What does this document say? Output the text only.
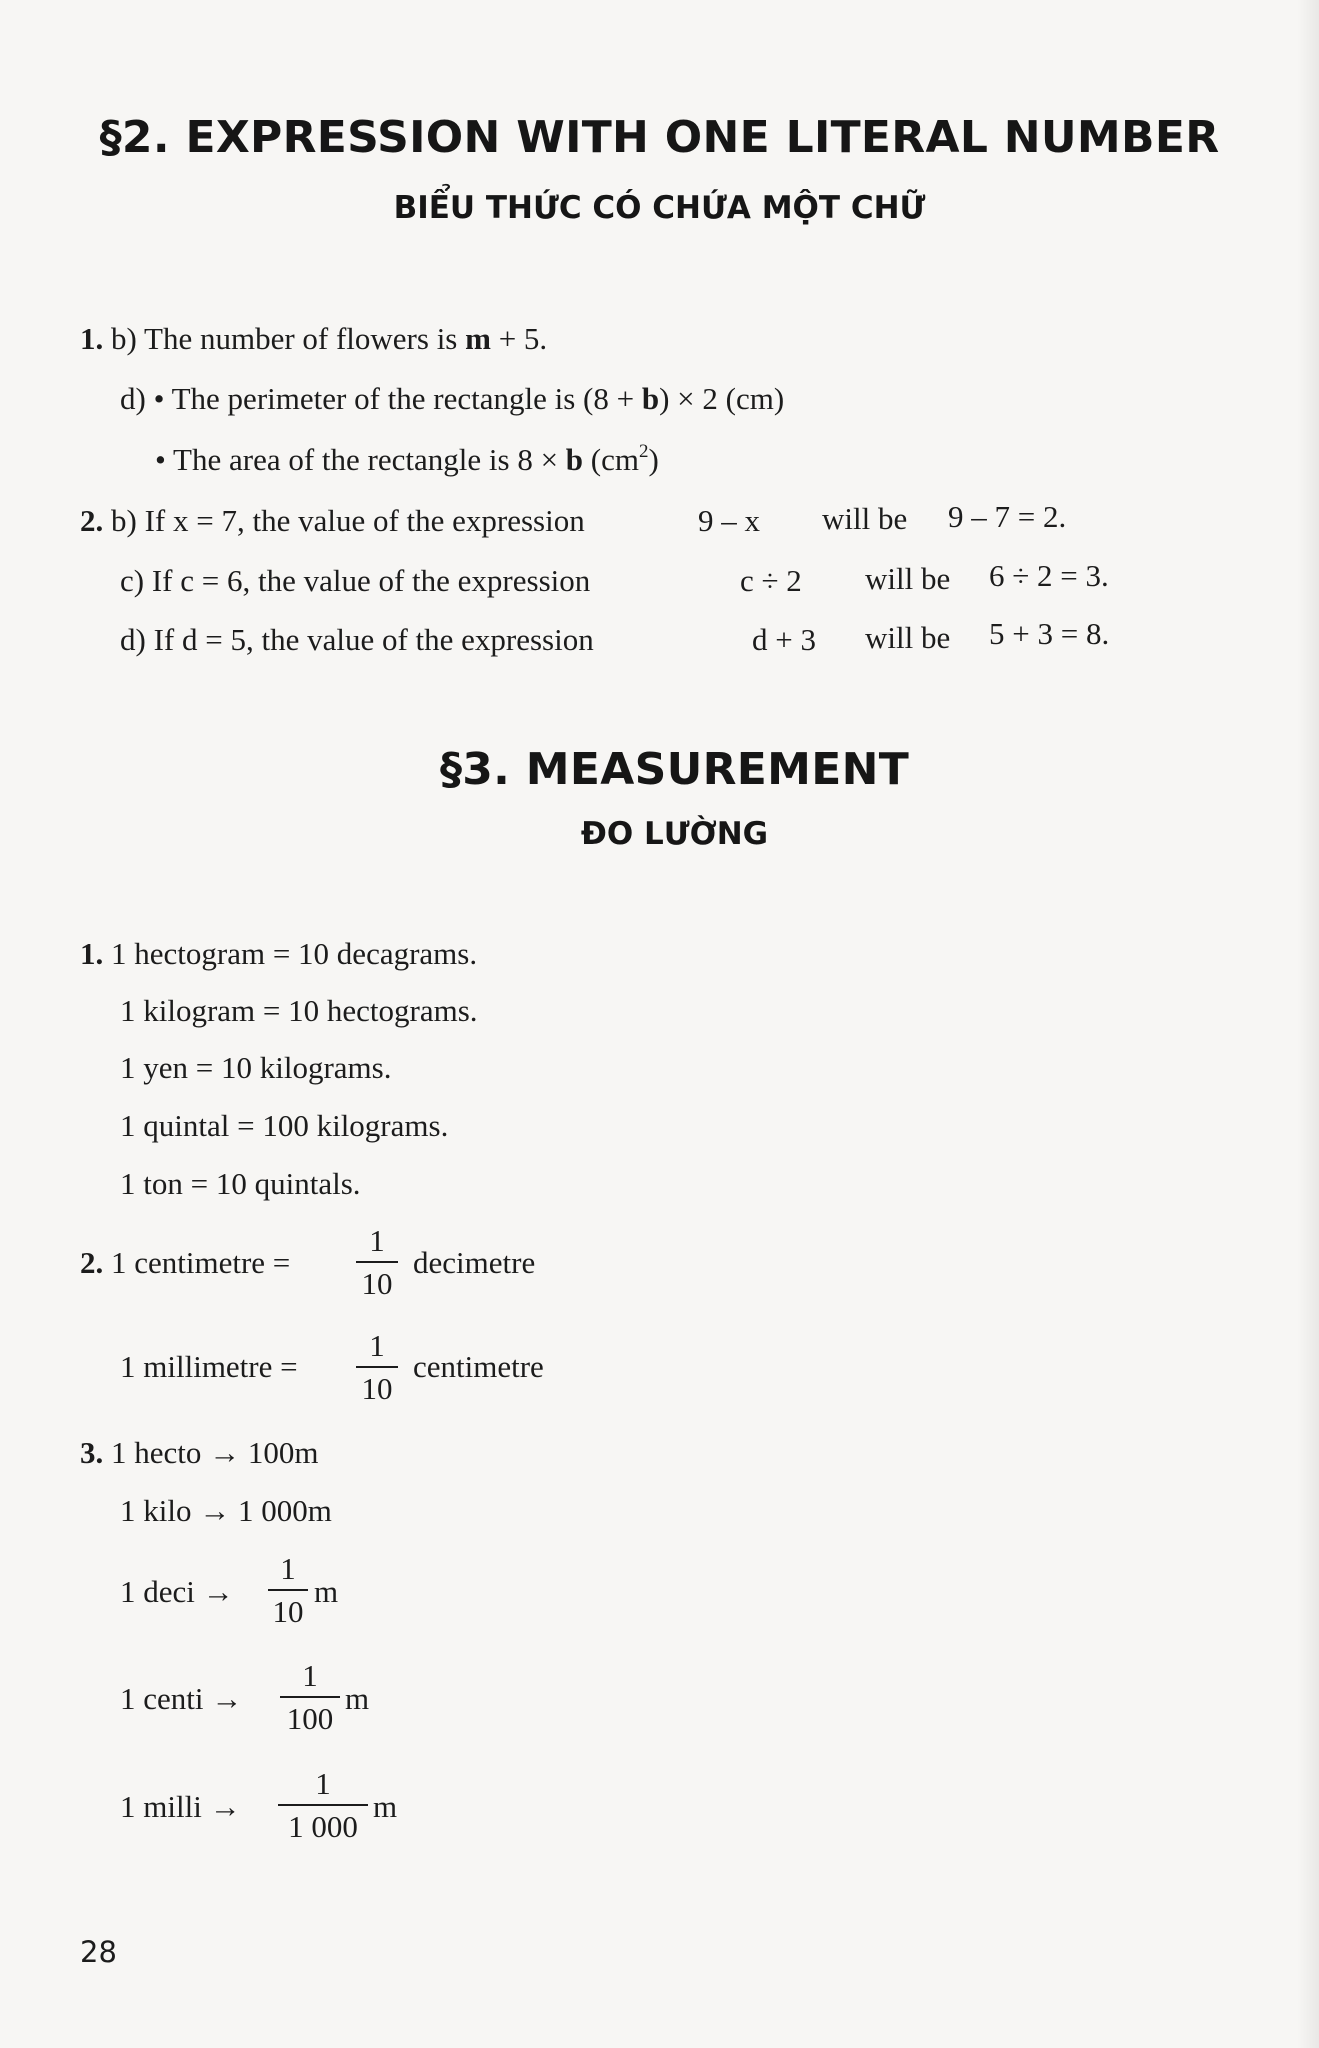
§2. EXPRESSION WITH ONE LITERAL NUMBER
BIỂU THỨC CÓ CHỨA MỘT CHỮ
1. b) The number of flowers is m + 5.
d) • The perimeter of the rectangle is (8 + b) × 2 (cm)
• The area of the rectangle is 8 × b $(cm^2)$
2. b) If x = 7, the value of the expression	9 – x will be 9 – 7 = 2.
c) If c = 6, the value of the expression	c ÷ 2 will be 6 ÷ 2 = 3.
d) If d = 5, the value of the expression	d + 3 will be 5 + 3 = 8.
§3. MEASUREMENT
ĐO LƯỜNG
1. 1 hectogram = 10 decagrams.
1 kilogram = 10 hectograms.
1 yen = 10 kilograms.
1 quintal = 100 kilograms.
1 ton = 10 quintals.
2. 1 centimetre =
1
10
decimetre
1 millimetre =
1
10
centimetre
3. 1 hecto → 100m
1 kilo → 1 000m
1 deci →
1
10
m
1 centi →
1
100
m
1 milli →
1
1 000
m
28
